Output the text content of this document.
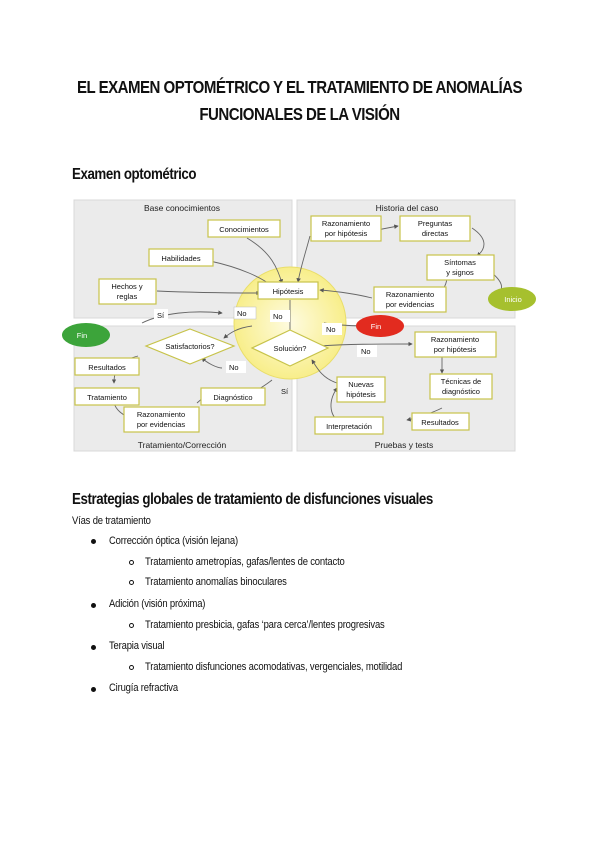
EL EXAMEN OPTOMÉTRICO Y EL TRATAMIENTO DE ANOMALÍAS
FUNCIONALES DE LA VISIÓN
Examen optométrico
Base conocimientos	Historia del caso
Tratamiento/Corrección	Pruebas y tests
Fin
Fin
Inicio
Conocimientos
Habilidades
Hechos y
reglas
Razonamiento
por hipótesis
Preguntas
directas
Síntomas
y signos
Razonamiento
por evidencias
Hipótesis
Solución?
Satisfactorios?
Resultados
Tratamiento	Diagnóstico
Razonamiento
por evidencias
Razonamiento
por hipótesis
Técnicas de
diagnóstico
Resultados
Nuevas
hipótesis
Interpretación
Sí	No	No
No
No
No
Sí
Estrategias globales de tratamiento de disfunciones visuales
Vías de tratamiento
Corrección óptica (visión lejana)
Tratamiento ametropías, gafas/lentes de contacto
Tratamiento anomalías binoculares
Adición (visión próxima)
Tratamiento presbicia, gafas ‘para cerca’/lentes progresivas
Terapia visual
Tratamiento disfunciones acomodativas, vergenciales, motilidad
Cirugía refractiva
